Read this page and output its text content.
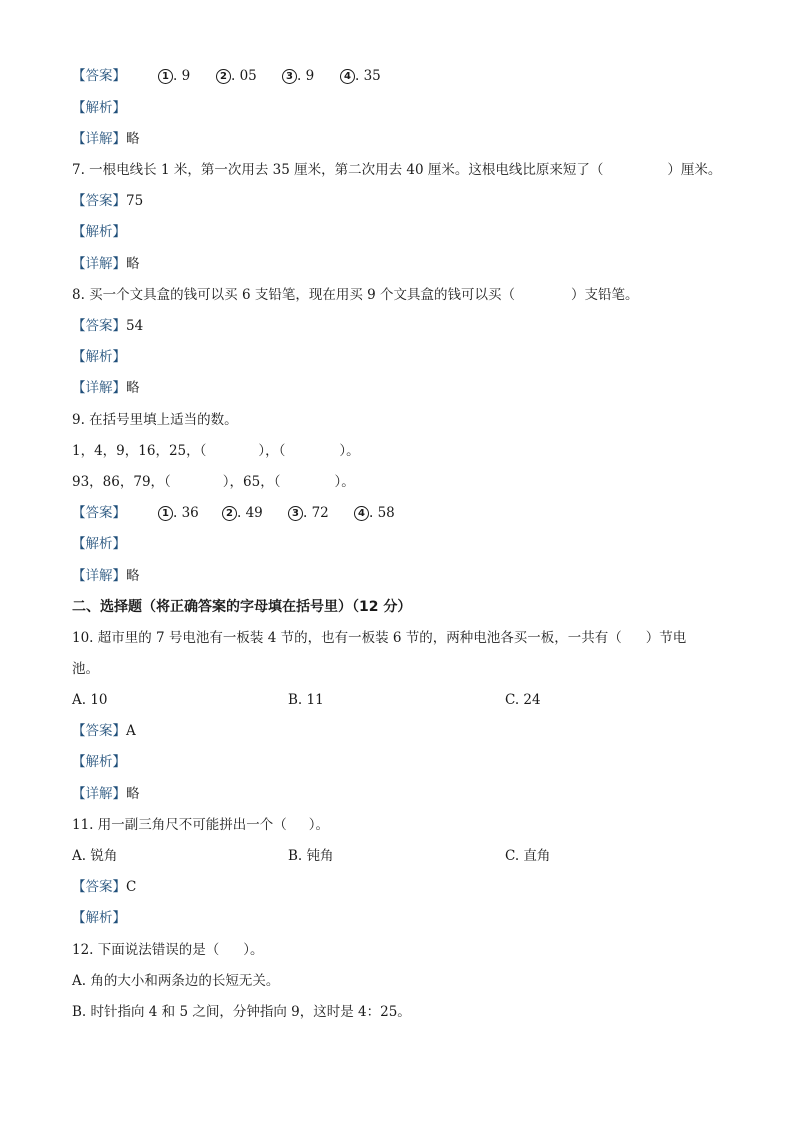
【答案】	1 . 9	2 . 05	3 . 9	4 . 35
【解析】
【详解】略
7. 一根电线长 1 米，第一次用去 35 厘米，第二次用去 40 厘米。这根电线比原来短了（	）厘米。
【答案】75
【解析】
【详解】略
8. 买一个文具盒的钱可以买 6 支铅笔，现在用买 9 个文具盒的钱可以买（	）支铅笔。
【答案】54
【解析】
【详解】略
9. 在括号里填上适当的数。
1，4，9，16，25，（	），（	）。
93，86，79，（	），65，（	）。
【答案】	1 . 36	2 . 49	3 . 72	4 . 58
【解析】
【详解】略
二、选择题（将正确答案的字母填在括号里）（12 分）
10. 超市里的 7 号电池有一板装 4 节的，也有一板装 6 节的，两种电池各买一板，一共有（ ）节电
池。
A. 10	B. 11	C. 24
【答案】A
【解析】
【详解】略
11. 用一副三角尺不可能拼出一个（ ）。
A. 锐角	B. 钝角	C. 直角
【答案】C
【解析】
12. 下面说法错误的是（ ）。
A. 角的大小和两条边的长短无关。
B. 时针指向 4 和 5 之间，分钟指向 9，这时是 4：25。
